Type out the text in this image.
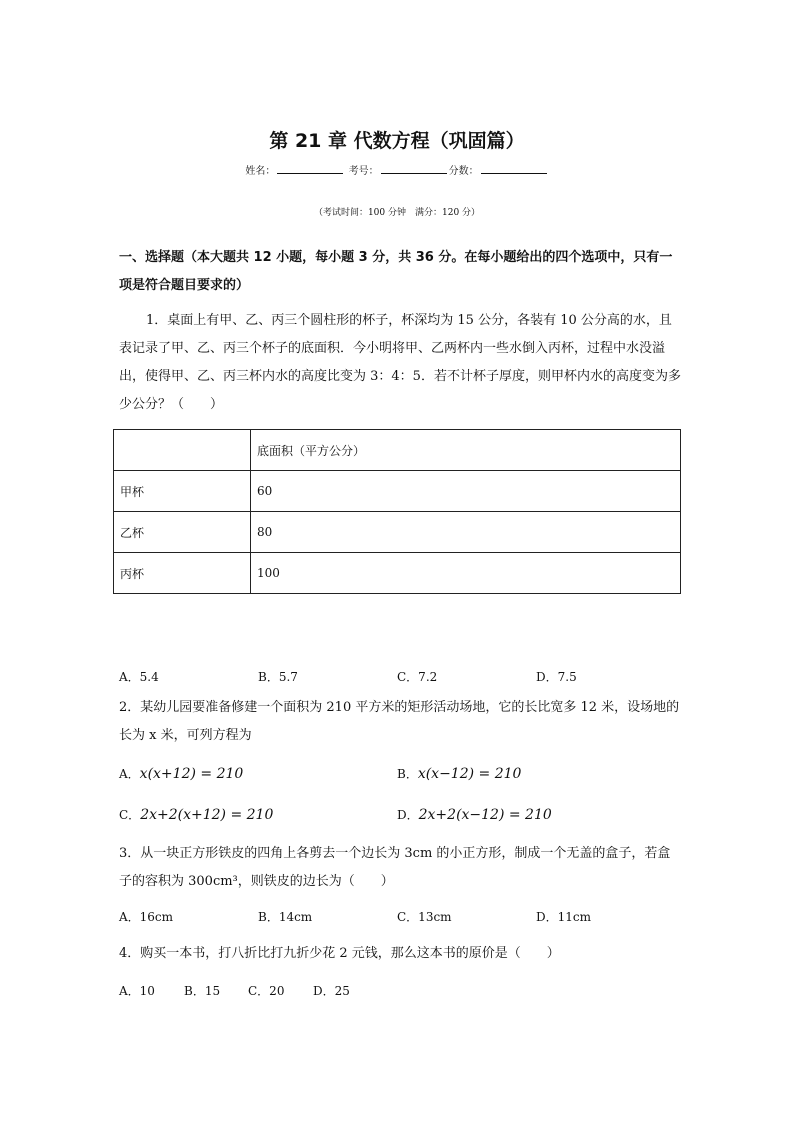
第 21 章 代数方程（巩固篇）
姓名：	考号：	分数：
（考试时间：100 分钟　满分：120 分）
一、选择题（本大题共 12 小题，每小题 3 分，共 36 分。在每小题给出的四个选项中，只有一项是符合题目要求的）
1．桌面上有甲、乙、丙三个圆柱形的杯子，杯深均为 15 公分，各装有 10 公分高的水，且表记录了甲、乙、丙三个杯子的底面积．今小明将甲、乙两杯内一些水倒入丙杯，过程中水没溢出，使得甲、乙、丙三杯内水的高度比变为 3：4：5．若不计杯子厚度，则甲杯内水的高度变为多少公分？（　　）
	底面积（平方公分）
甲杯	60
乙杯	80
丙杯	100
A．5.4	B．5.7	C．7.2	D．7.5
2．某幼儿园要准备修建一个面积为 210 平方米的矩形活动场地，它的长比宽多 12 米，设场地的长为 x 米，可列方程为
A．x(x+12) = 210	B．x(x−12) = 210
C．2x+2(x+12) = 210	D．2x+2(x−12) = 210
3．从一块正方形铁皮的四角上各剪去一个边长为 3cm 的小正方形，制成一个无盖的盒子，若盒子的容积为 300cm³，则铁皮的边长为（　　）
A．16cm	B．14cm	C．13cm	D．11cm
4．购买一本书，打八折比打九折少花 2 元钱，那么这本书的原价是（　　）
A．10 B．15 C．20 D．25
